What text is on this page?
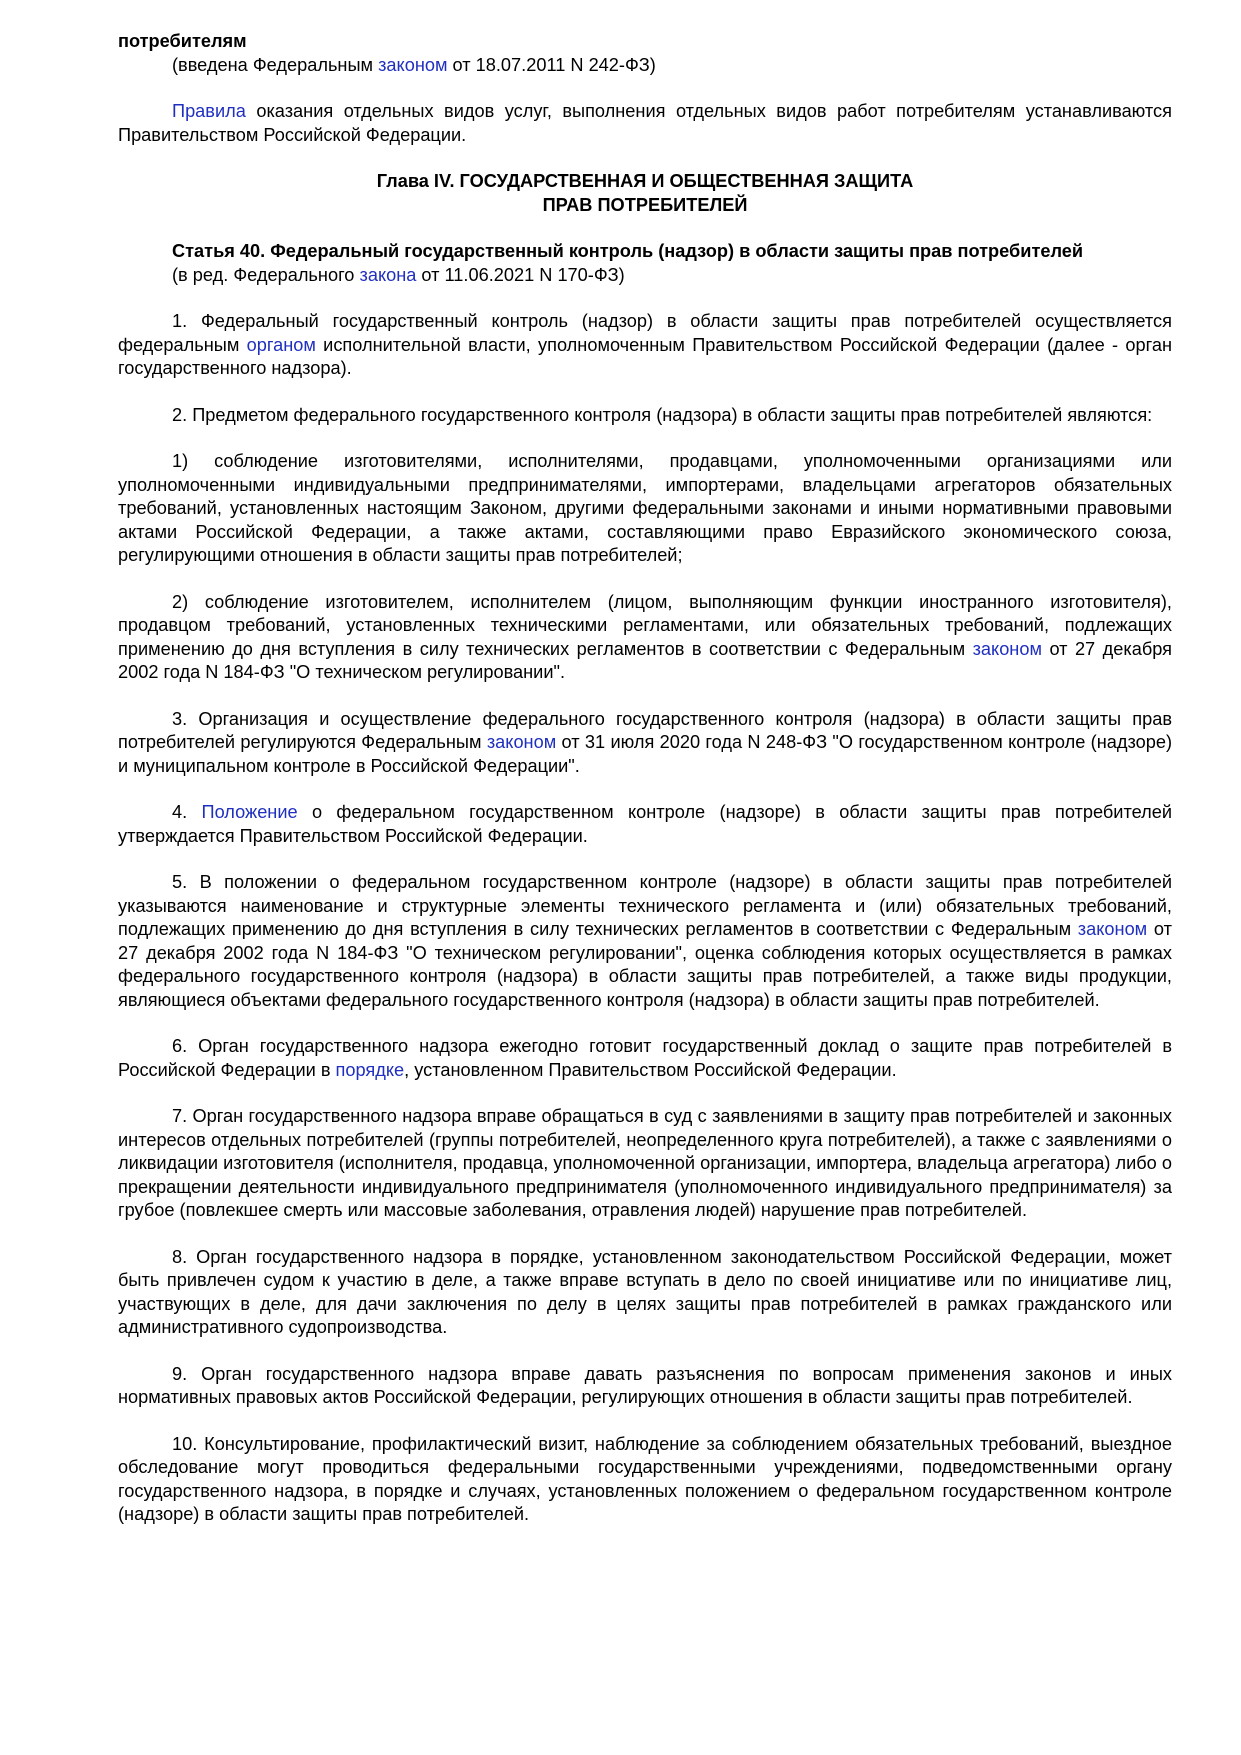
потребителям
(введена Федеральным законом от 18.07.2011 N 242-ФЗ)
Правила оказания отдельных видов услуг, выполнения отдельных видов работ потребителям устанавливаются Правительством Российской Федерации.
Глава IV. ГОСУДАРСТВЕННАЯ И ОБЩЕСТВЕННАЯ ЗАЩИТА
ПРАВ ПОТРЕБИТЕЛЕЙ
Статья 40. Федеральный государственный контроль (надзор) в области защиты прав потребителей
(в ред. Федерального закона от 11.06.2021 N 170-ФЗ)
1. Федеральный государственный контроль (надзор) в области защиты прав потребителей осуществляется федеральным органом исполнительной власти, уполномоченным Правительством Российской Федерации (далее - орган государственного надзора).
2. Предметом федерального государственного контроля (надзора) в области защиты прав потребителей являются:
1) соблюдение изготовителями, исполнителями, продавцами, уполномоченными организациями или уполномоченными индивидуальными предпринимателями, импортерами, владельцами агрегаторов обязательных требований, установленных настоящим Законом, другими федеральными законами и иными нормативными правовыми актами Российской Федерации, а также актами, составляющими право Евразийского экономического союза, регулирующими отношения в области защиты прав потребителей;
2) соблюдение изготовителем, исполнителем (лицом, выполняющим функции иностранного изготовителя), продавцом требований, установленных техническими регламентами, или обязательных требований, подлежащих применению до дня вступления в силу технических регламентов в соответствии с Федеральным законом от 27 декабря 2002 года N 184-ФЗ "О техническом регулировании".
3. Организация и осуществление федерального государственного контроля (надзора) в области защиты прав потребителей регулируются Федеральным законом от 31 июля 2020 года N 248-ФЗ "О государственном контроле (надзоре) и муниципальном контроле в Российской Федерации".
4. Положение о федеральном государственном контроле (надзоре) в области защиты прав потребителей утверждается Правительством Российской Федерации.
5. В положении о федеральном государственном контроле (надзоре) в области защиты прав потребителей указываются наименование и структурные элементы технического регламента и (или) обязательных требований, подлежащих применению до дня вступления в силу технических регламентов в соответствии с Федеральным законом от 27 декабря 2002 года N 184-ФЗ "О техническом регулировании", оценка соблюдения которых осуществляется в рамках федерального государственного контроля (надзора) в области защиты прав потребителей, а также виды продукции, являющиеся объектами федерального государственного контроля (надзора) в области защиты прав потребителей.
6. Орган государственного надзора ежегодно готовит государственный доклад о защите прав потребителей в Российской Федерации в порядке, установленном Правительством Российской Федерации.
7. Орган государственного надзора вправе обращаться в суд с заявлениями в защиту прав потребителей и законных интересов отдельных потребителей (группы потребителей, неопределенного круга потребителей), а также с заявлениями о ликвидации изготовителя (исполнителя, продавца, уполномоченной организации, импортера, владельца агрегатора) либо о прекращении деятельности индивидуального предпринимателя (уполномоченного индивидуального предпринимателя) за грубое (повлекшее смерть или массовые заболевания, отравления людей) нарушение прав потребителей.
8. Орган государственного надзора в порядке, установленном законодательством Российской Федерации, может быть привлечен судом к участию в деле, а также вправе вступать в дело по своей инициативе или по инициативе лиц, участвующих в деле, для дачи заключения по делу в целях защиты прав потребителей в рамках гражданского или административного судопроизводства.
9. Орган государственного надзора вправе давать разъяснения по вопросам применения законов и иных нормативных правовых актов Российской Федерации, регулирующих отношения в области защиты прав потребителей.
10. Консультирование, профилактический визит, наблюдение за соблюдением обязательных требований, выездное обследование могут проводиться федеральными государственными учреждениями, подведомственными органу государственного надзора, в порядке и случаях, установленных положением о федеральном государственном контроле (надзоре) в области защиты прав потребителей.
